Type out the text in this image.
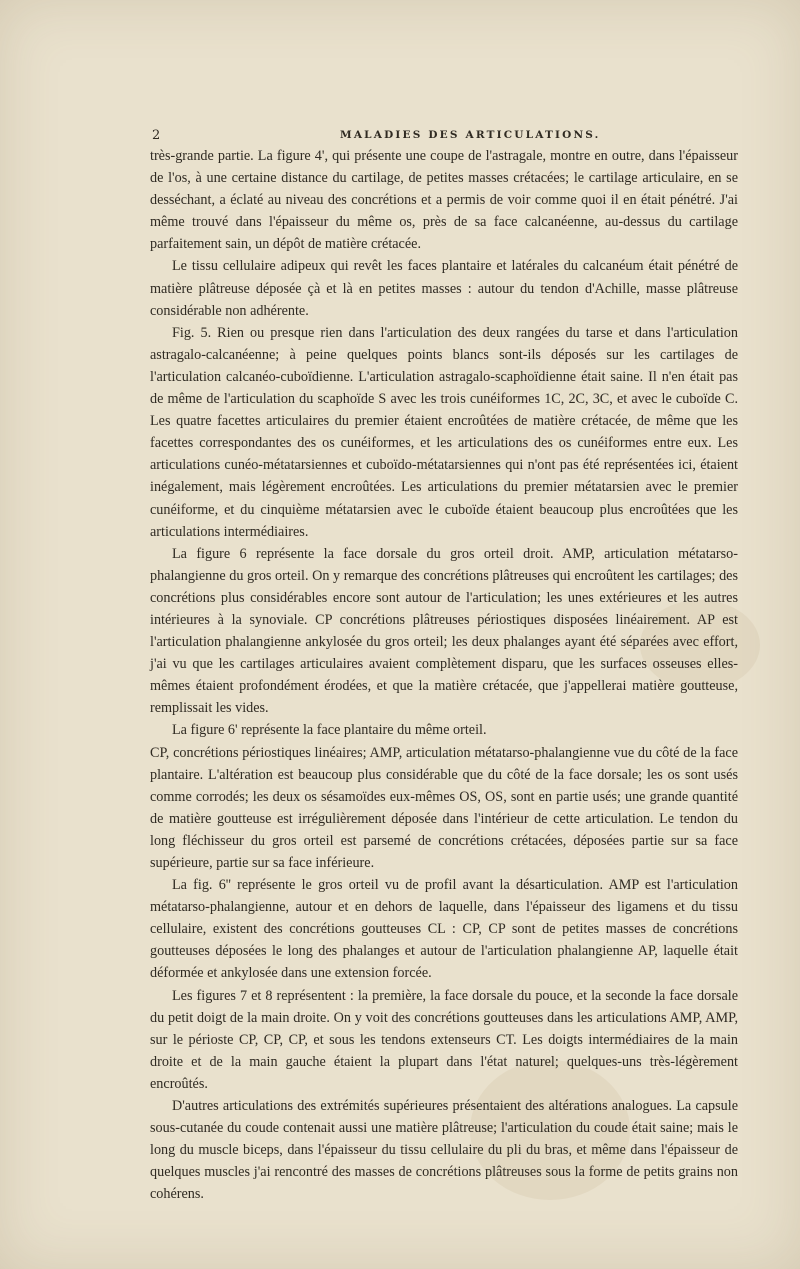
2	MALADIES DES ARTICULATIONS.

très-grande partie. La figure 4', qui présente une coupe de l'astragale, montre en outre, dans l'épaisseur de l'os, à une certaine distance du cartilage, de petites masses crétacées; le cartilage articulaire, en se desséchant, a éclaté au niveau des concrétions et a permis de voir comme quoi il en était pénétré. J'ai même trouvé dans l'épaisseur du même os, près de sa face calcanéenne, au-dessus du cartilage parfaitement sain, un dépôt de matière crétacée.

Le tissu cellulaire adipeux qui revêt les faces plantaire et latérales du calcanéum était pénétré de matière plâtreuse déposée çà et là en petites masses : autour du tendon d'Achille, masse plâtreuse considérable non adhérente.

Fig. 5. Rien ou presque rien dans l'articulation des deux rangées du tarse et dans l'articulation astragalo-calcanéenne; à peine quelques points blancs sont-ils déposés sur les cartilages de l'articulation calcanéo-cuboïdienne. L'articulation astragalo-scaphoïdienne était saine. Il n'en était pas de même de l'articulation du scaphoïde S avec les trois cunéiformes 1C, 2C, 3C, et avec le cuboïde C. Les quatre facettes articulaires du premier étaient encroûtées de matière crétacée, de même que les facettes correspondantes des os cunéiformes, et les articulations des os cunéiformes entre eux. Les articulations cunéo-métatarsiennes et cuboïdo-métatarsiennes qui n'ont pas été représentées ici, étaient inégalement, mais légèrement encroûtées. Les articulations du premier métatarsien avec le premier cunéiforme, et du cinquième métatarsien avec le cuboïde étaient beaucoup plus encroûtées que les articulations intermédiaires.

La figure 6 représente la face dorsale du gros orteil droit. AMP, articulation métatarso-phalangienne du gros orteil. On y remarque des concrétions plâtreuses qui encroûtent les cartilages; des concrétions plus considérables encore sont autour de l'articulation; les unes extérieures et les autres intérieures à la synoviale. CP concrétions plâtreuses périostiques disposées linéairement. AP est l'articulation phalangienne ankylosée du gros orteil; les deux phalanges ayant été séparées avec effort, j'ai vu que les cartilages articulaires avaient complètement disparu, que les surfaces osseuses elles-mêmes étaient profondément érodées, et que la matière crétacée, que j'appellerai matière goutteuse, remplissait les vides.

La figure 6' représente la face plantaire du même orteil.

CP, concrétions périostiques linéaires; AMP, articulation métatarso-phalangienne vue du côté de la face plantaire. L'altération est beaucoup plus considérable que du côté de la face dorsale; les os sont usés comme corrodés; les deux os sésamoïdes eux-mêmes OS, OS, sont en partie usés; une grande quantité de matière goutteuse est irrégulièrement déposée dans l'intérieur de cette articulation. Le tendon du long fléchisseur du gros orteil est parsemé de concrétions crétacées, déposées partie sur sa face supérieure, partie sur sa face inférieure.

La fig. 6'' représente le gros orteil vu de profil avant la désarticulation. AMP est l'articulation métatarso-phalangienne, autour et en dehors de laquelle, dans l'épaisseur des ligamens et du tissu cellulaire, existent des concrétions goutteuses CL : CP, CP sont de petites masses de concrétions goutteuses déposées le long des phalanges et autour de l'articulation phalangienne AP, laquelle était déformée et ankylosée dans une extension forcée.

Les figures 7 et 8 représentent : la première, la face dorsale du pouce, et la seconde la face dorsale du petit doigt de la main droite. On y voit des concrétions goutteuses dans les articulations AMP, AMP, sur le périoste CP, CP, CP, et sous les tendons extenseurs CT. Les doigts intermédiaires de la main droite et de la main gauche étaient la plupart dans l'état naturel; quelques-uns très-légèrement encroûtés.

D'autres articulations des extrémités supérieures présentaient des altérations analogues. La capsule sous-cutanée du coude contenait aussi une matière plâtreuse; l'articulation du coude était saine; mais le long du muscle biceps, dans l'épaisseur du tissu cellulaire du pli du bras, et même dans l'épaisseur de quelques muscles j'ai rencontré des masses de concrétions plâtreuses sous la forme de petits grains non cohérens.
